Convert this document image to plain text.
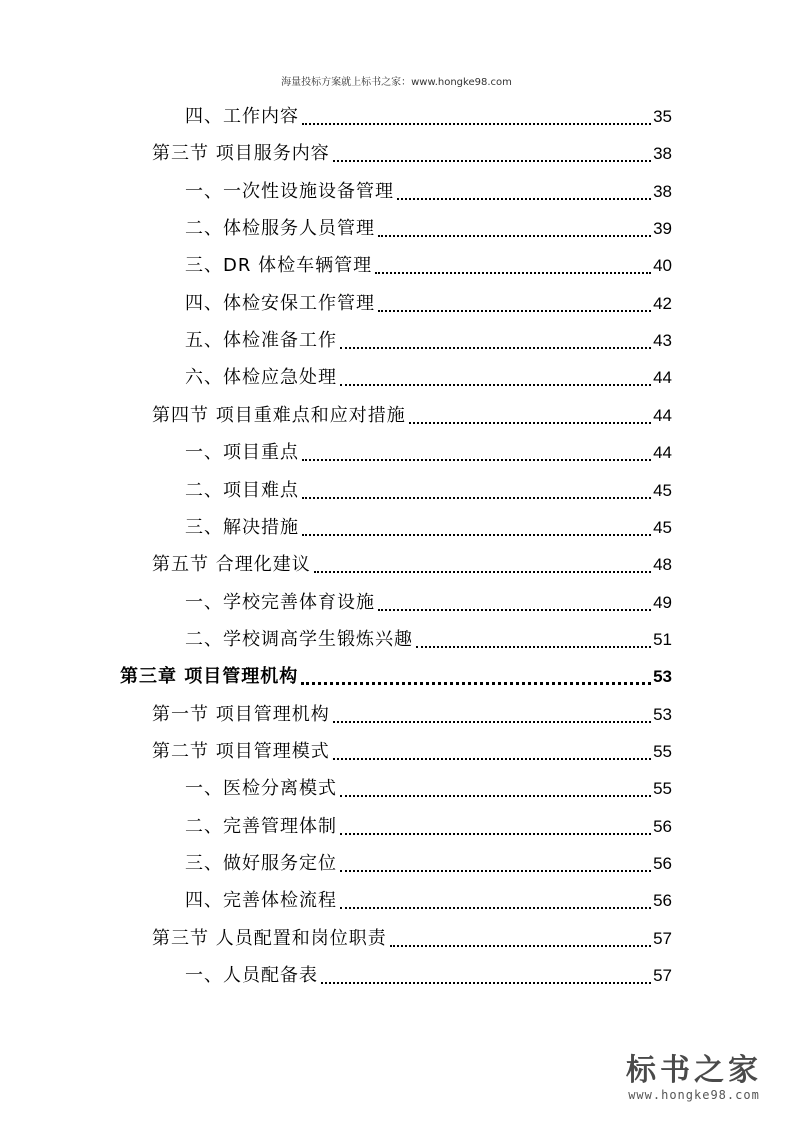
海量投标方案就上标书之家：www.hongke98.com
四、工作内容	35
第三节 项目服务内容	38
一、一次性设施设备管理	38
二、体检服务人员管理	39
三、DR 体检车辆管理	40
四、体检安保工作管理	42
五、体检准备工作	43
六、体检应急处理	44
第四节 项目重难点和应对措施	44
一、项目重点	44
二、项目难点	45
三、解决措施	45
第五节 合理化建议	48
一、学校完善体育设施	49
二、学校调高学生锻炼兴趣	51
第三章 项目管理机构	53
第一节 项目管理机构	53
第二节 项目管理模式	55
一、医检分离模式	55
二、完善管理体制	56
三、做好服务定位	56
四、完善体检流程	56
第三节 人员配置和岗位职责	57
一、人员配备表	57
标书之家
www.hongke98.com
